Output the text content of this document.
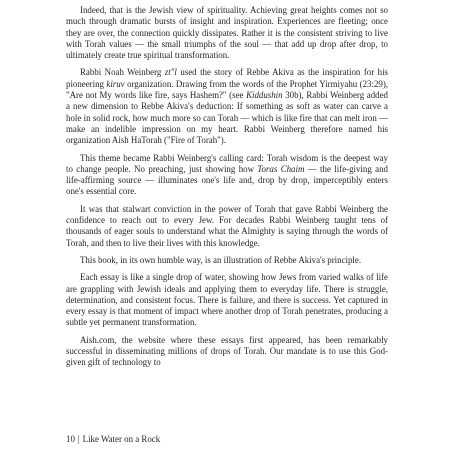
Indeed, that is the Jewish view of spirituality. Achieving great heights comes not so much through dramatic bursts of insight and inspiration. Experiences are fleeting; once they are over, the connection quickly dissipates. Rather it is the consistent striving to live with Torah values — the small triumphs of the soul — that add up drop after drop, to ultimately create true spiritual transformation.

Rabbi Noah Weinberg zt"l used the story of Rebbe Akiva as the inspiration for his pioneering kiruv organization. Drawing from the words of the Prophet Yirmiyahu (23:29), "Are not My words like fire, says Hashem?" (see Kiddushin 30b), Rabbi Weinberg added a new dimension to Rebbe Akiva's deduction: If something as soft as water can carve a hole in solid rock, how much more so can Torah — which is like fire that can melt iron — make an indelible impression on my heart. Rabbi Weinberg therefore named his organization Aish HaTorah ("Fire of Torah").

This theme became Rabbi Weinberg's calling card: Torah wisdom is the deepest way to change people. No preaching, just showing how Toras Chaim — the life-giving and life-affirming source — illuminates one's life and, drop by drop, imperceptibly enters one's essential core.

It was that stalwart conviction in the power of Torah that gave Rabbi Weinberg the confidence to reach out to every Jew. For decades Rabbi Weinberg taught tens of thousands of eager souls to understand what the Almighty is saying through the words of Torah, and then to live their lives with this knowledge.

This book, in its own humble way, is an illustration of Rebbe Akiva's principle.

Each essay is like a single drop of water, showing how Jews from varied walks of life are grappling with Jewish ideals and applying them to everyday life. There is struggle, determination, and consistent focus. There is failure, and there is success. Yet captured in every essay is that moment of impact where another drop of Torah penetrates, producing a subtle yet permanent transformation.

Aish.com, the website where these essays first appeared, has been remarkably successful in disseminating millions of drops of Torah. Our mandate is to use this God-given gift of technology to

10 | Like Water on a Rock
